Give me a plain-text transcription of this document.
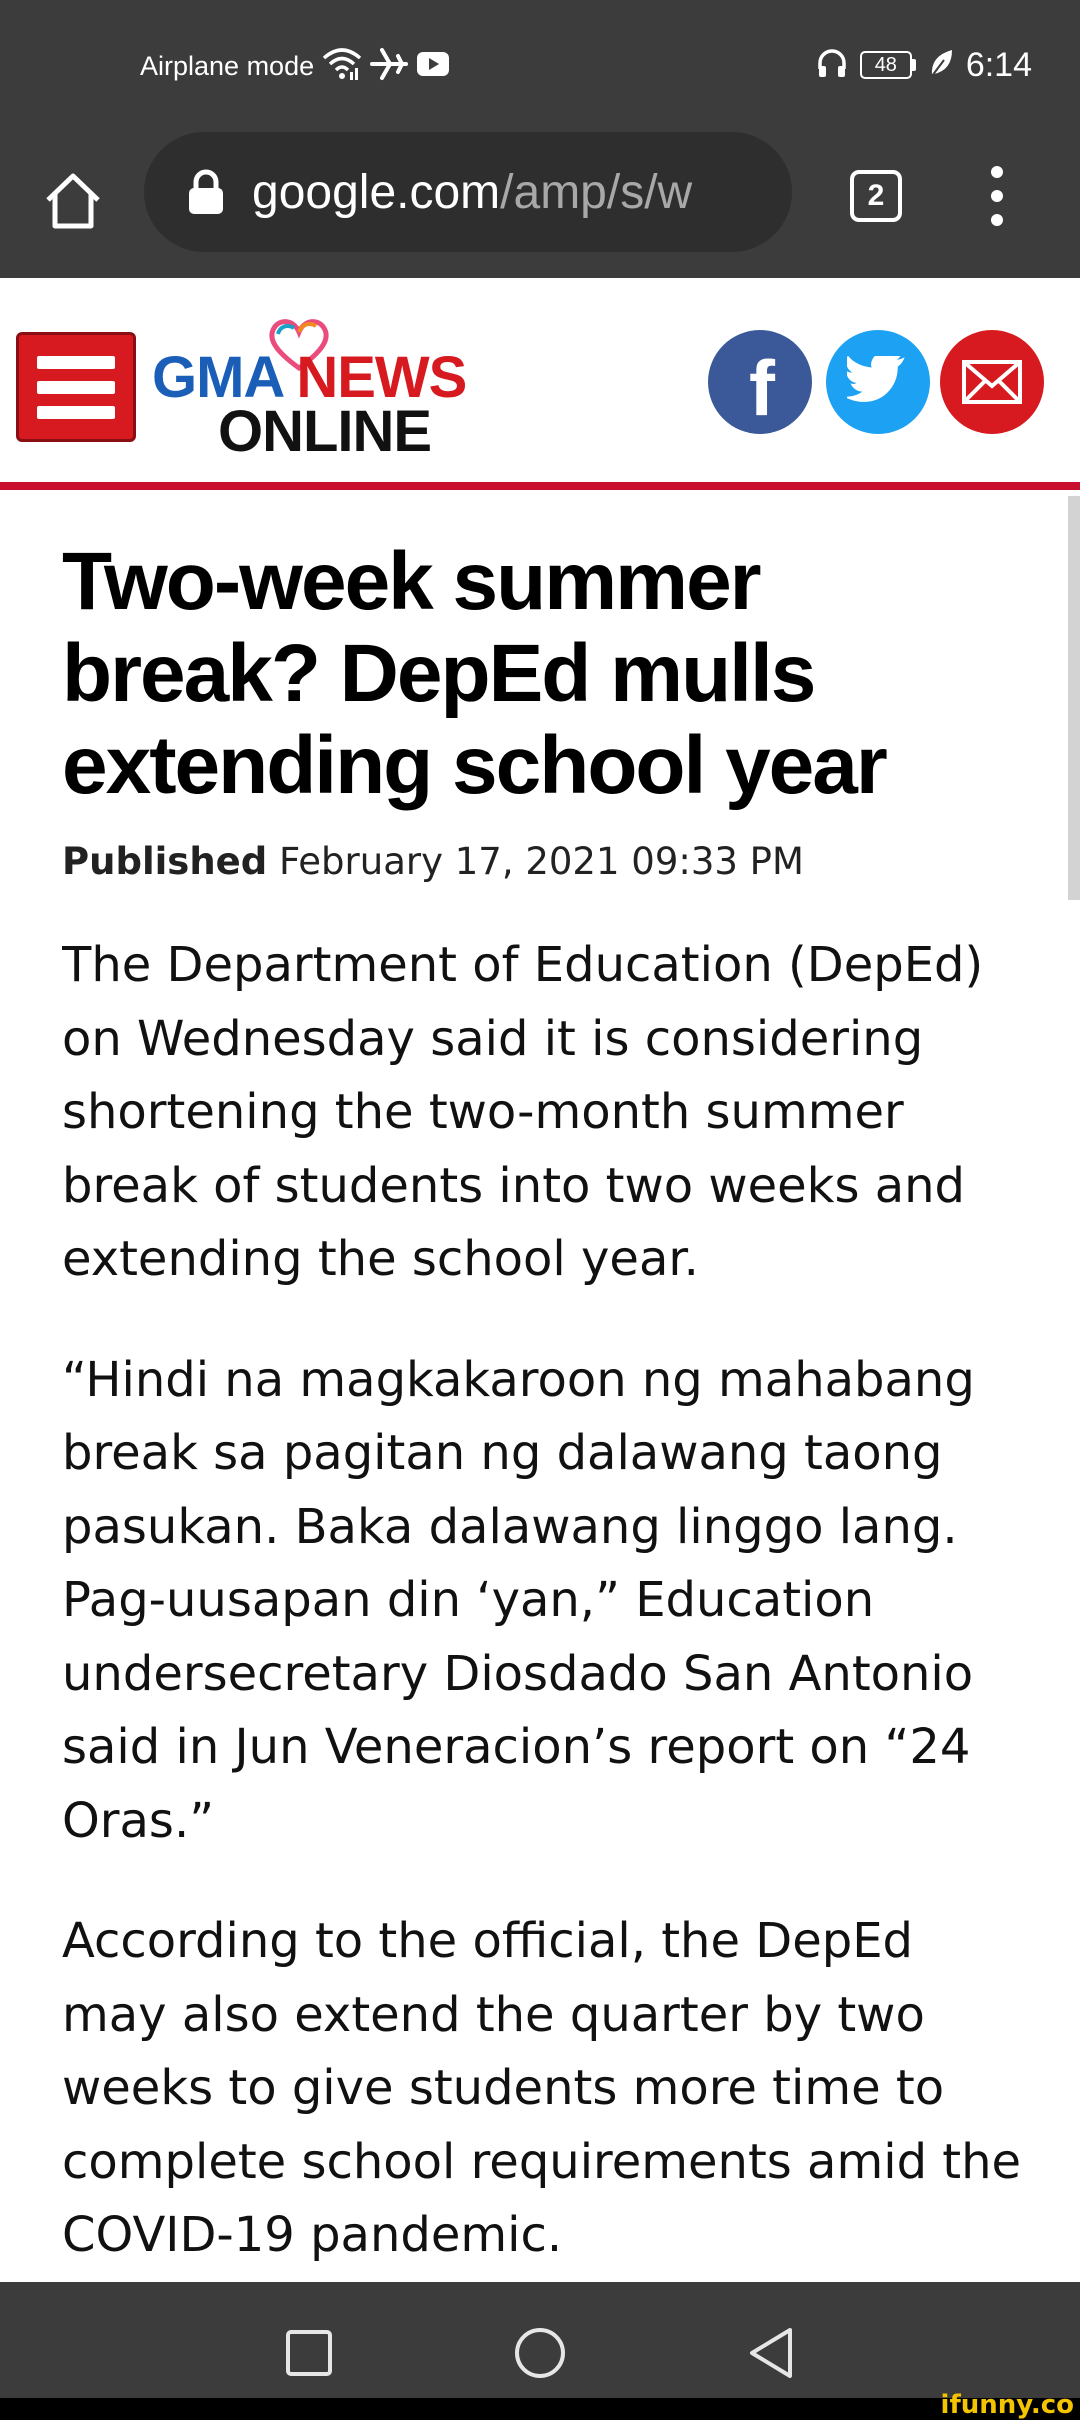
Airplane mode	48	6:14
google.com /amp/s/w	2
GMA NEWS
ONLINE	f
Two-week summer break? DepEd mulls extending school year
Published February 17, 2021 09:33 PM

The Department of Education (DepEd) on Wednesday said it is considering shortening the two-month summer break of students into two weeks and extending the school year.

“Hindi na magkakaroon ng mahabang break sa pagitan ng dalawang taong pasukan. Baka dalawang linggo lang. Pag-uusapan din ‘yan,” Education undersecretary Diosdado San Antonio said in Jun Veneracion’s report on “24 Oras.”

According to the official, the DepEd may also extend the quarter by two weeks to give students more time to complete school requirements amid the COVID-19 pandemic.

ifunny.co
